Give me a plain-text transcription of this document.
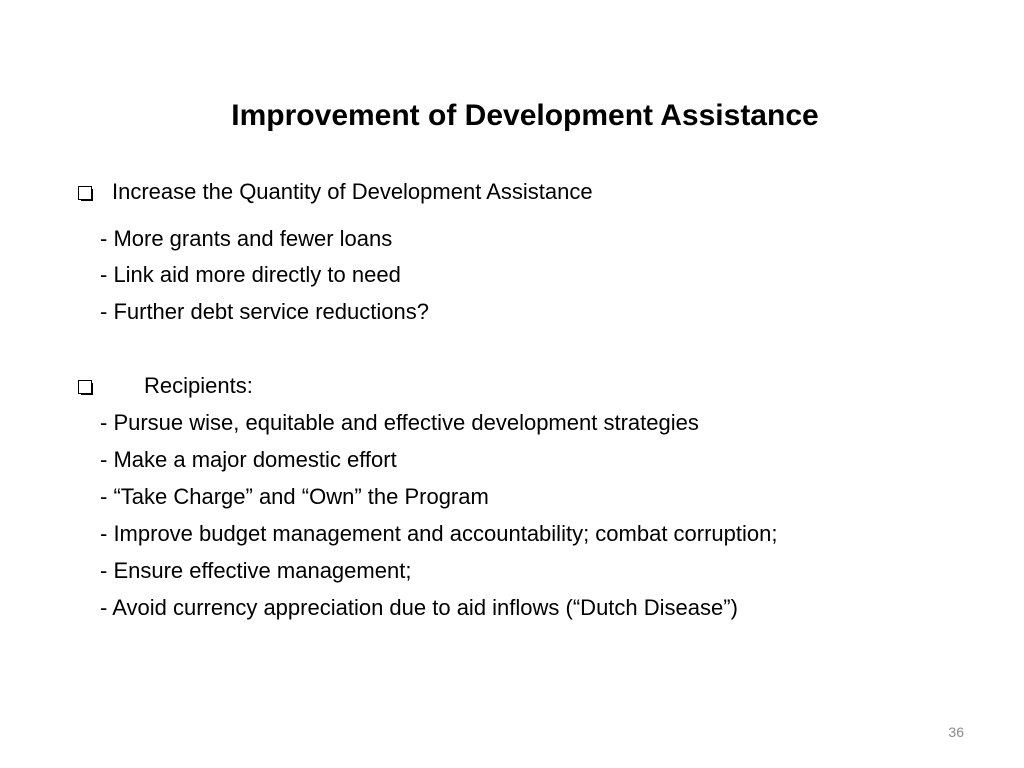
Improvement of Development Assistance
Increase the Quantity of Development Assistance
- More grants and fewer loans
- Link aid more directly to need
- Further debt service reductions?
Recipients:
- Pursue wise, equitable and effective development strategies
- Make a major domestic effort
- “Take Charge” and “Own” the Program
- Improve budget management and accountability; combat corruption;
- Ensure effective management;
- Avoid currency appreciation due to aid inflows (“Dutch Disease”)
36
